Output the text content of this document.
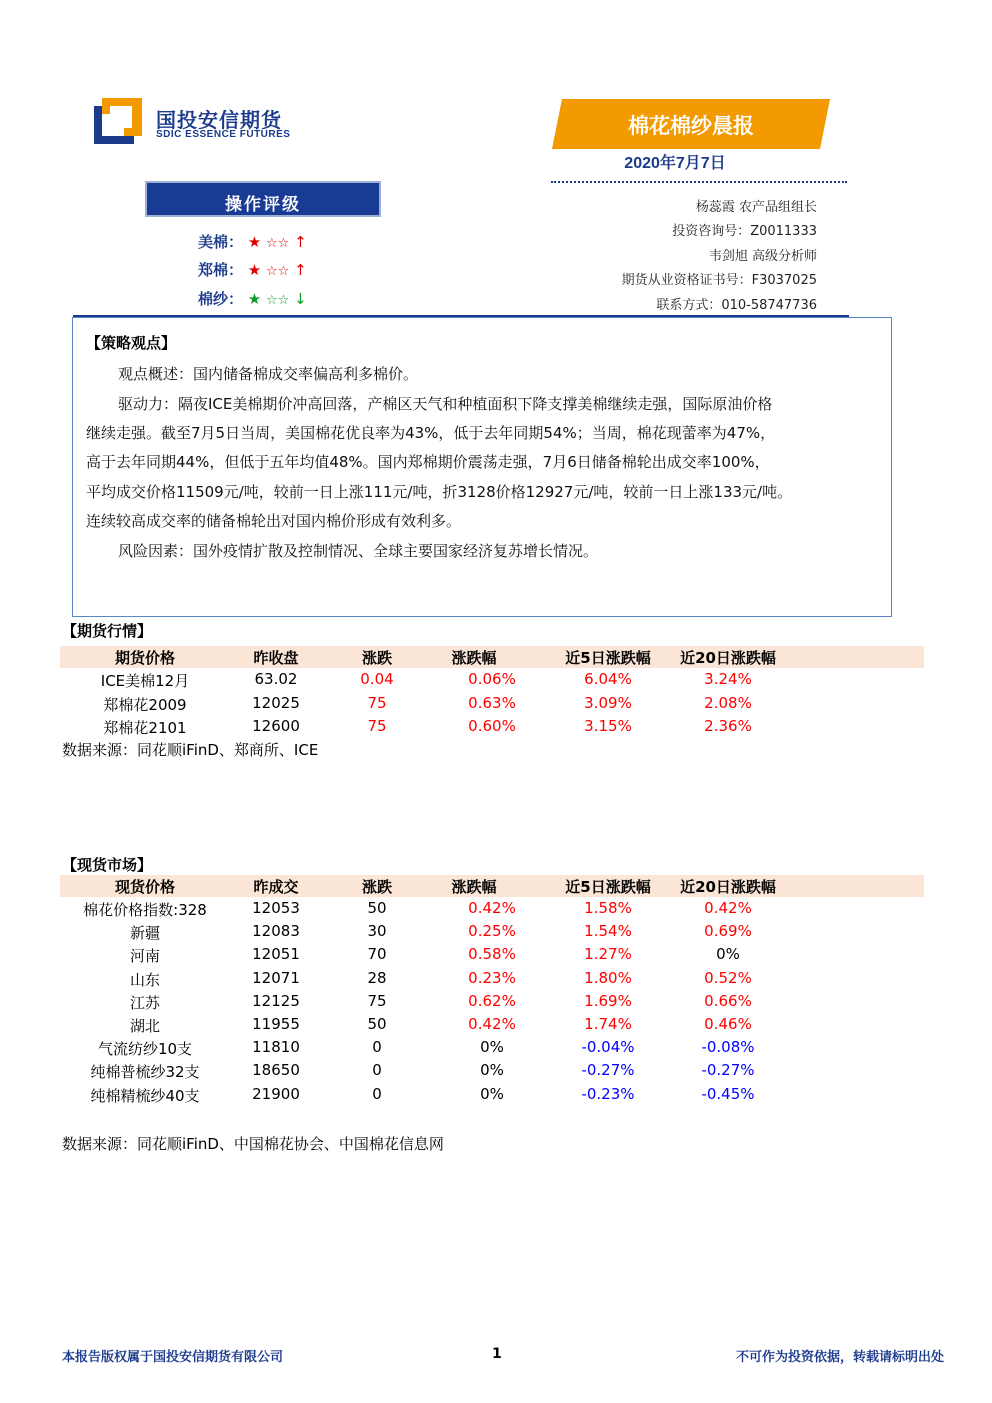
国投安信期货
SDIC ESSENCE FUTURES	棉花棉纱晨报
2020年7月7日
杨蕊霞 农产品组组长
投资咨询号：Z0011333
韦剑旭 高级分析师
期货从业资格证书号：F3037025
联系方式：010-58747736
操作评级
美棉： ★ ☆☆ ↑
郑棉： ★ ☆☆ ↑
棉纱： ★ ☆☆ ↓
【策略观点】
观点概述：国内储备棉成交率偏高利多棉价。
驱动力：隔夜ICE美棉期价冲高回落，产棉区天气和种植面积下降支撑美棉继续走强，国际原油价格
继续走强。截至7月5日当周，美国棉花优良率为43%，低于去年同期54%；当周，棉花现蕾率为47%，
高于去年同期44%，但低于五年均值48%。国内郑棉期价震荡走强，7月6日储备棉轮出成交率100%，
平均成交价格11509元/吨，较前一日上涨111元/吨，折3128价格12927元/吨，较前一日上涨133元/吨。
连续较高成交率的储备棉轮出对国内棉价形成有效利多。
风险因素：国外疫情扩散及控制情况、全球主要国家经济复苏增长情况。
【期货行情】
期货价格	昨收盘	涨跌	涨跌幅	近5日涨跌幅	近20日涨跌幅
ICE美棉12月	63.02	0.04	0.06%	6.04%	3.24%
郑棉花2009	12025	75	0.63%	3.09%	2.08%
郑棉花2101	12600	75	0.60%	3.15%	2.36%
数据来源：同花顺iFinD、郑商所、ICE
【现货市场】
现货价格	昨成交	涨跌	涨跌幅	近5日涨跌幅	近20日涨跌幅
棉花价格指数:328	12053	50	0.42%	1.58%	0.42%
新疆	12083	30	0.25%	1.54%	0.69%
河南	12051	70	0.58%	1.27%	0%
山东	12071	28	0.23%	1.80%	0.52%
江苏	12125	75	0.62%	1.69%	0.66%
湖北	11955	50	0.42%	1.74%	0.46%
气流纺纱10支	11810	0	0%	-0.04%	-0.08%
纯棉普梳纱32支	18650	0	0%	-0.27%	-0.27%
纯棉精梳纱40支	21900	0	0%	-0.23%	-0.45%
数据来源：同花顺iFinD、中国棉花协会、中国棉花信息网
本报告版权属于国投安信期货有限公司	1	不可作为投资依据，转载请标明出处
